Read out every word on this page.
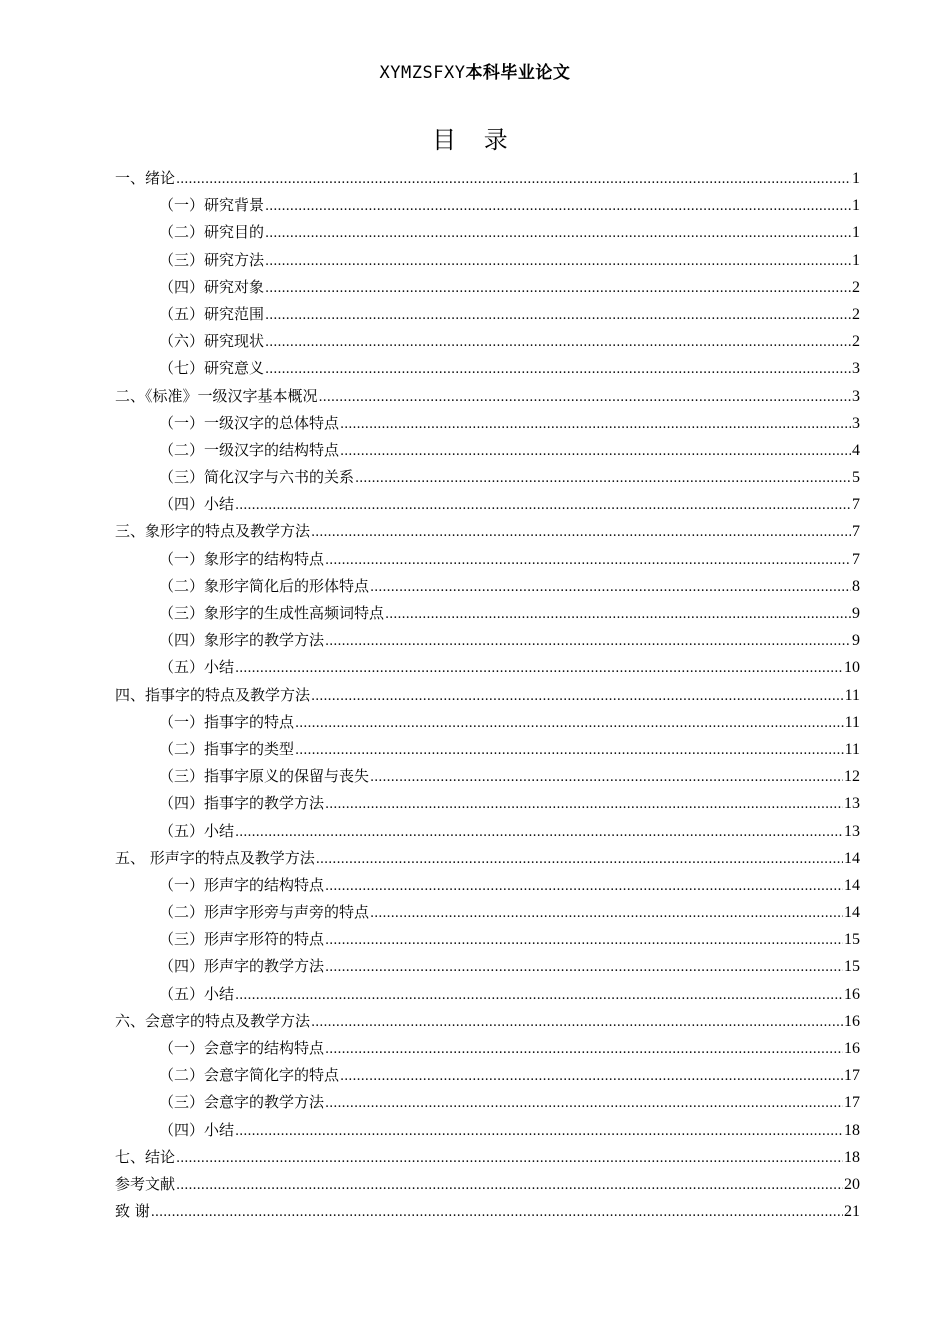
XYMZSFXY本科毕业论文
目 录
一、绪论 .....	1
（一）研究背景 .....	1
（二）研究目的 .....	1
（三）研究方法 .....	1
（四）研究对象 .....	2
（五）研究范围 .....	2
（六）研究现状 .....	2
（七）研究意义 .....	3
二、《标准》一级汉字基本概况 .....	3
（一）一级汉字的总体特点 .....	3
（二）一级汉字的结构特点 .....	4
（三）简化汉字与六书的关系 .....	5
（四）小结 .....	7
三、象形字的特点及教学方法 .....	7
（一）象形字的结构特点 .....	7
（二）象形字简化后的形体特点 .....	8
（三）象形字的生成性高频词特点 .....	9
（四）象形字的教学方法 .....	9
（五）小结 .....	10
四、指事字的特点及教学方法 .....	11
（一）指事字的特点 .....	11
（二）指事字的类型 .....	11
（三）指事字原义的保留与丧失 .....	12
（四）指事字的教学方法 .....	13
（五）小结 .....	13
五、 形声字的特点及教学方法 .....	14
（一）形声字的结构特点 .....	14
（二）形声字形旁与声旁的特点 .....	14
（三）形声字形符的特点 .....	15
（四）形声字的教学方法 .....	15
（五）小结 .....	16
六、会意字的特点及教学方法 .....	16
（一）会意字的结构特点 .....	16
（二）会意字简化字的特点 .....	17
（三）会意字的教学方法 .....	17
（四）小结 .....	18
七、结论 .....	18
参考文献 .....	20
致 谢 .....	21
